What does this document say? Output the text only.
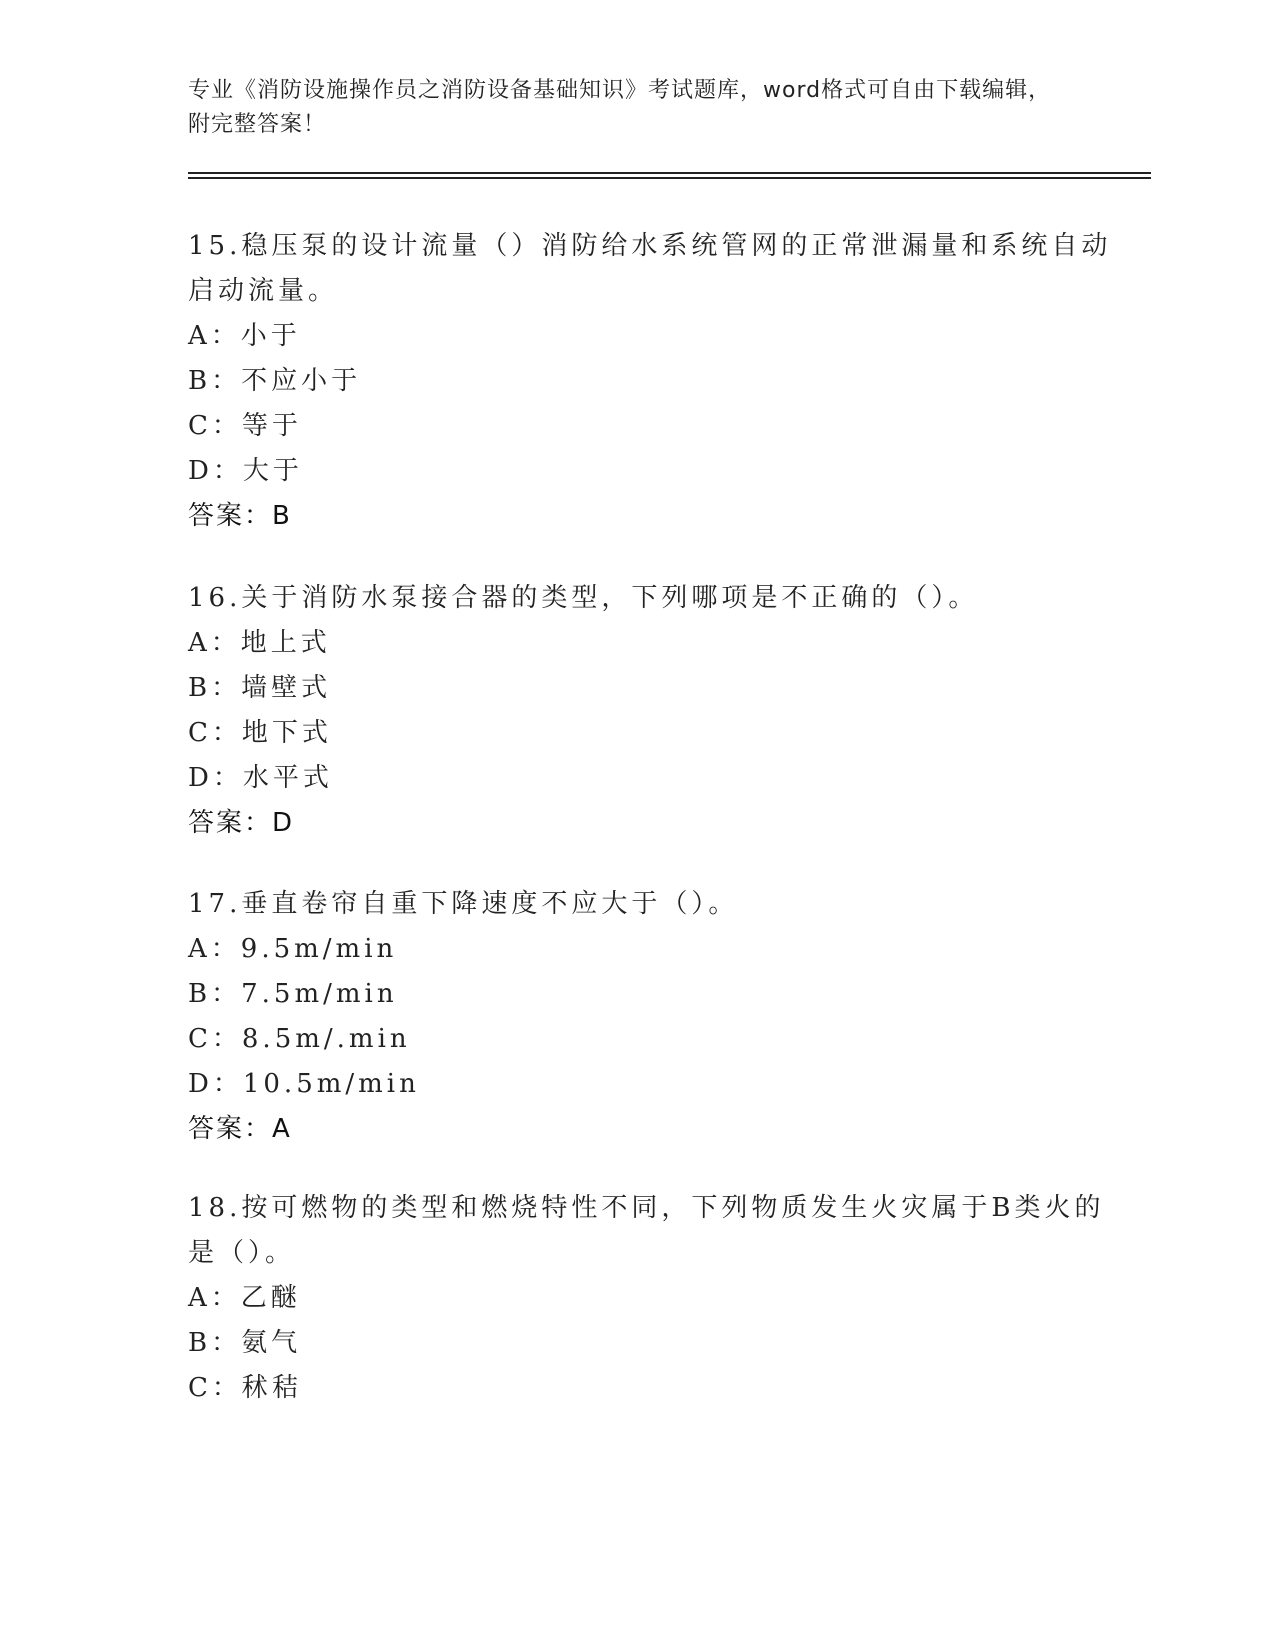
专业《消防设施操作员之消防设备基础知识》考试题库，word格式可自由下载编辑，附完整答案！
15.稳压泵的设计流量（）消防给水系统管网的正常泄漏量和系统自动
启动流量。
A：小于
B：不应小于
C：等于
D：大于
答案：B
16.关于消防水泵接合器的类型，下列哪项是不正确的（）。
A：地上式
B：墙壁式
C：地下式
D：水平式
答案：D
17.垂直卷帘自重下降速度不应大于（）。
A：9.5m/min
B：7.5m/min
C：8.5m/.min
D：10.5m/min
答案：A
18.按可燃物的类型和燃烧特性不同，下列物质发生火灾属于B类火的
是（）。
A：乙醚
B：氨气
C：秫秸
